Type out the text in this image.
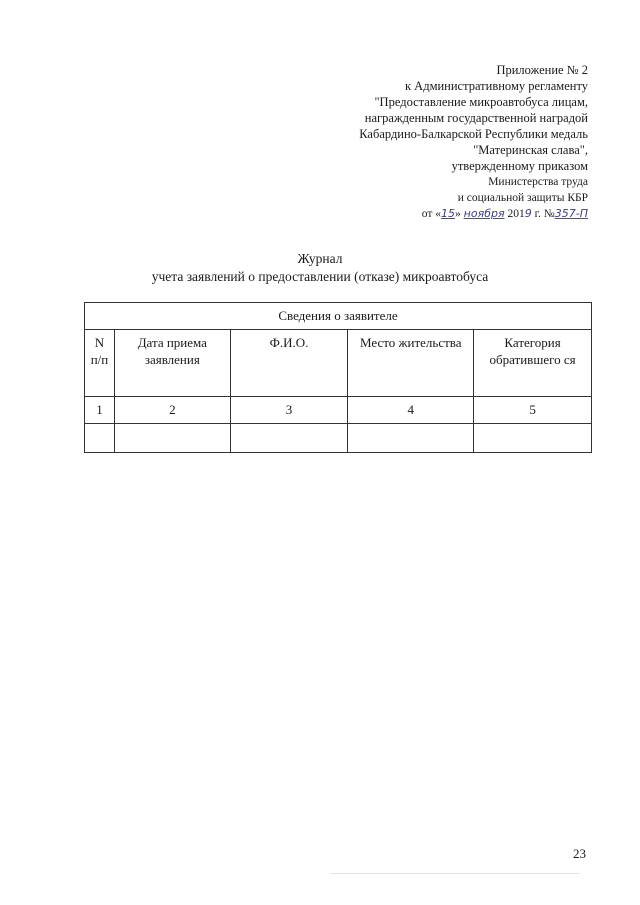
Приложение № 2
к Административному регламенту
"Предоставление микроавтобуса лицам,
награжденным государственной наградой
Кабардино-Балкарской Республики медаль
"Материнская слава",
утвержденному приказом
Министерства труда
и социальной защиты КБР
от «15» ноября 2019 г. №357-П
Журнал
учета заявлений о предоставлении (отказе) микроавтобуса
Сведения о заявителе				
N п/п	Дата приема заявления	Ф.И.О.	Место жительства	Категория обратившего ся
1	2	3	4	5

23
